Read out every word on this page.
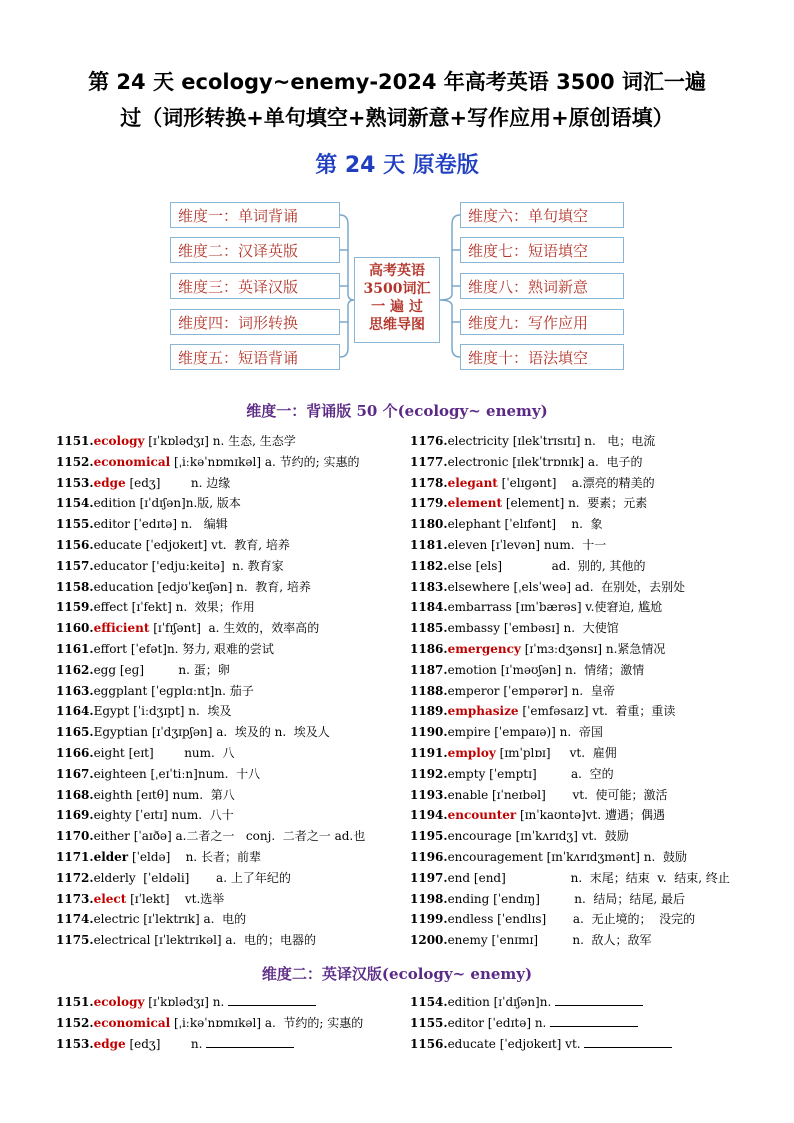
第 24 天 ecology~enemy-2024 年高考英语 3500 词汇一遍
过（词形转换+单句填空+熟词新意+写作应用+原创语填）
第 24 天 原卷版
维度一：单词背诵
维度二：汉译英版
维度三：英译汉版
维度四：词形转换
维度五：短语背诵
维度六：单句填空
维度七：短语填空
维度八：熟词新意
维度九：写作应用
维度十：语法填空
高考英语
3500词汇
一 遍 过
思维导图
维度一：背诵版 50 个(ecology~ enemy)
1151.ecology [ɪˈkɒlədʒɪ] n. 生态, 生态学
1152.economical [ˌiːkəˈnɒmɪkəl] a. 节约的; 实惠的
1153.edge [edʒ]        n. 边缘
1154.edition [ɪˈdɪʃən]n.版, 版本
1155.editor [ˈedɪtə] n.   编辑
1156.educate [ˈedjʊkeɪt] vt.  教育, 培养
1157.educator ['edju:keitə]  n. 教育家
1158.education [edjʊˈkeɪʃən] n.  教育, 培养
1159.effect [ɪˈfekt] n.  效果；作用
1160.efficient [ɪˈfɪʃənt]  a. 生效的，效率高的
1161.effort [ˈefət]n. 努力, 艰难的尝试
1162.egg [eɡ]         n. 蛋；卵
1163.eggplant [ˈeɡplɑːnt]n. 茄子
1164.Egypt [ˈiːdʒɪpt] n.  埃及
1165.Egyptian [ɪˈdʒɪpʃən] a.  埃及的 n.  埃及人
1166.eight [eɪt]        num.  八
1167.eighteen [ˌeɪˈtiːn]num.  十八
1168.eighth [eɪtθ] num.  第八
1169.eighty [ˈeɪtɪ] num.  八十
1170.either [ˈaɪðə] a.二者之一   conj.  二者之一 ad.也
1171.elder [ˈeldə]    n. 长者；前辈
1172.elderly  [ˈeldəli]       a. 上了年纪的
1173.elect [ɪˈlekt]    vt.选举
1174.electric [ɪˈlektrɪk] a.  电的
1175.electrical [ɪˈlektrɪkəl] a.  电的；电器的
1176.electricity [ɪlekˈtrɪsɪtɪ] n.   电；电流
1177.electronic [ɪlekˈtrɒnɪk] a.  电子的
1178.elegant [ˈelɪɡənt]    a.漂亮的精美的
1179.element [element] n.  要素；元素
1180.elephant [ˈelɪfənt]    n.  象
1181.eleven [ɪˈlevən] num.  十一
1182.else [els]             ad.  别的, 其他的
1183.elsewhere [ˌelsˈweə] ad.  在别处，去别处
1184.embarrass [ɪmˈbærəs] v.使窘迫, 尴尬
1185.embassy [ˈembəsɪ] n.  大使馆
1186.emergency [ɪˈmɜːdʒənsɪ] n.紧急情况
1187.emotion [ɪˈməʊʃən] n.  情绪；激情
1188.emperor [ˈempərər] n.  皇帝
1189.emphasize [ˈemfəsaɪz] vt.  着重；重读
1190.empire [ˈempaɪə)] n.  帝国
1191.employ [ɪmˈplɒɪ]     vt.  雇佣
1192.empty [ˈemptɪ]         a.  空的
1193.enable [ɪˈneɪbəl]       vt.  使可能；激活
1194.encounter [ɪnˈkaʊntə]vt. 遭遇；偶遇
1195.encourage [ɪnˈkʌrɪdʒ] vt.  鼓励
1196.encouragement [ɪnˈkʌrɪdʒmənt] n.  鼓励
1197.end [end]                 n.  末尾；结束  v.  结束, 终止
1198.ending [ˈendɪŋ]         n.  结局；结尾, 最后
1199.endless [ˈendlɪs]       a.  无止境的；  没完的
1200.enemy [ˈenɪmɪ]         n.  敌人；敌军
维度二：英译汉版(ecology~ enemy)
1151.ecology [ɪˈkɒlədʒɪ] n.
1152.economical [ˌiːkəˈnɒmɪkəl] a.  节约的; 实惠的
1153.edge [edʒ]        n.
1154.edition [ɪˈdɪʃən]n.
1155.editor [ˈedɪtə] n.
1156.educate [ˈedjʊkeɪt] vt.
